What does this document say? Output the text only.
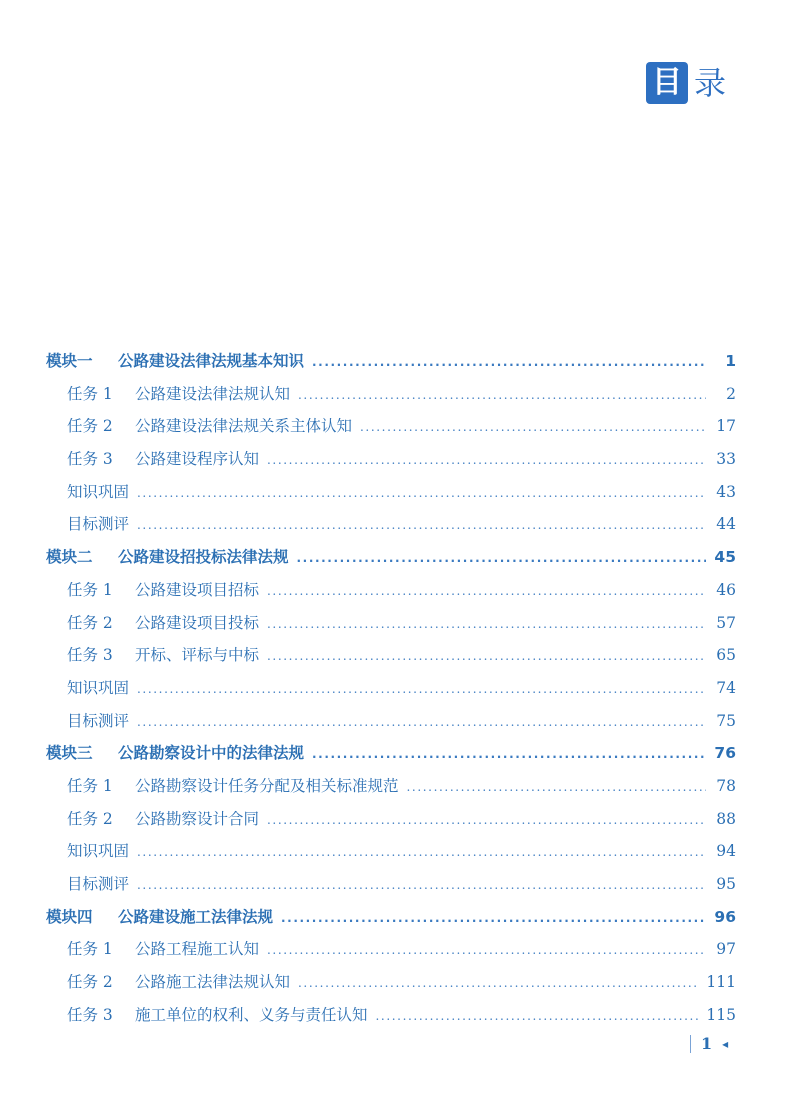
目 录
模块一	公路建设法律法规基本知识 .....	1
任务 1	公路建设法律法规认知 .....	2
任务 2	公路建设法律法规关系主体认知 .....	17
任务 3	公路建设程序认知 .....	33
知识巩固 .....	43
目标测评 .....	44
模块二	公路建设招投标法律法规 .....	45
任务 1	公路建设项目招标 .....	46
任务 2	公路建设项目投标 .....	57
任务 3	开标、评标与中标 .....	65
知识巩固 .....	74
目标测评 .....	75
模块三	公路勘察设计中的法律法规 .....	76
任务 1	公路勘察设计任务分配及相关标准规范 .....	78
任务 2	公路勘察设计合同 .....	88
知识巩固 .....	94
目标测评 .....	95
模块四	公路建设施工法律法规 .....	96
任务 1	公路工程施工认知 .....	97
任务 2	公路施工法律法规认知 .....	111
任务 3	施工单位的权利、义务与责任认知 .....	115
1 ◂
